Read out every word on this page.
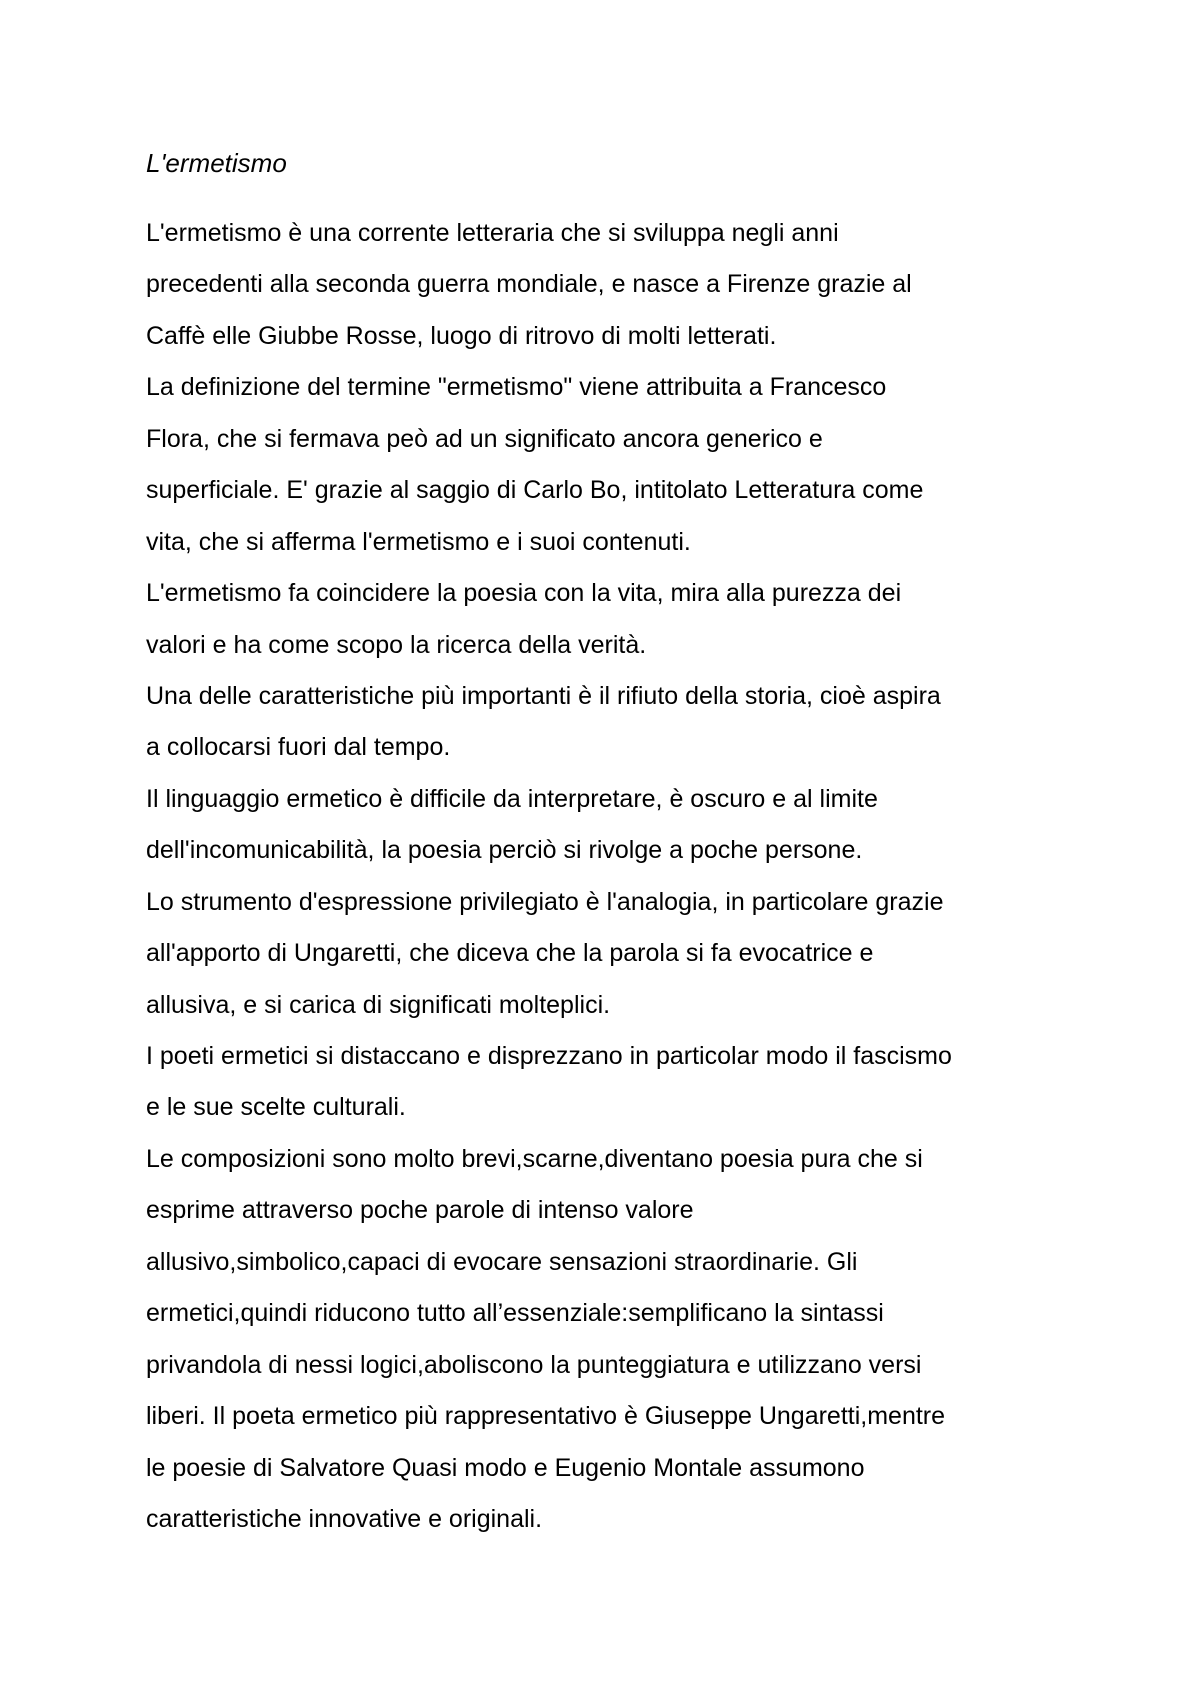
L'ermetismo
L'ermetismo è una corrente letteraria che si sviluppa negli anni
precedenti alla seconda guerra mondiale, e nasce a Firenze grazie al
Caffè elle Giubbe Rosse, luogo di ritrovo di molti letterati.
La definizione del termine "ermetismo" viene attribuita a Francesco
Flora, che si fermava peò ad un significato ancora generico e
superficiale. E' grazie al saggio di Carlo Bo, intitolato Letteratura come
vita, che si afferma l'ermetismo e i suoi contenuti.
L'ermetismo fa coincidere la poesia con la vita, mira alla purezza dei
valori e ha come scopo la ricerca della verità.
Una delle caratteristiche più importanti è il rifiuto della storia, cioè aspira
a collocarsi fuori dal tempo.
Il linguaggio ermetico è difficile da interpretare, è oscuro e al limite
dell'incomunicabilità, la poesia perciò si rivolge a poche persone.
Lo strumento d'espressione privilegiato è l'analogia, in particolare grazie
all'apporto di Ungaretti, che diceva che la parola si fa evocatrice e
allusiva, e si carica di significati molteplici.
I poeti ermetici si distaccano e disprezzano in particolar modo il fascismo
e le sue scelte culturali.
Le composizioni sono molto brevi,scarne,diventano poesia pura che si
esprime attraverso poche parole di intenso valore
allusivo,simbolico,capaci di evocare sensazioni straordinarie. Gli
ermetici,quindi riducono tutto all’essenziale:semplificano la sintassi
privandola di nessi logici,aboliscono la punteggiatura e utilizzano versi
liberi. Il poeta ermetico più rappresentativo è Giuseppe Ungaretti,mentre
le poesie di Salvatore Quasi modo e Eugenio Montale assumono
caratteristiche innovative e originali.
